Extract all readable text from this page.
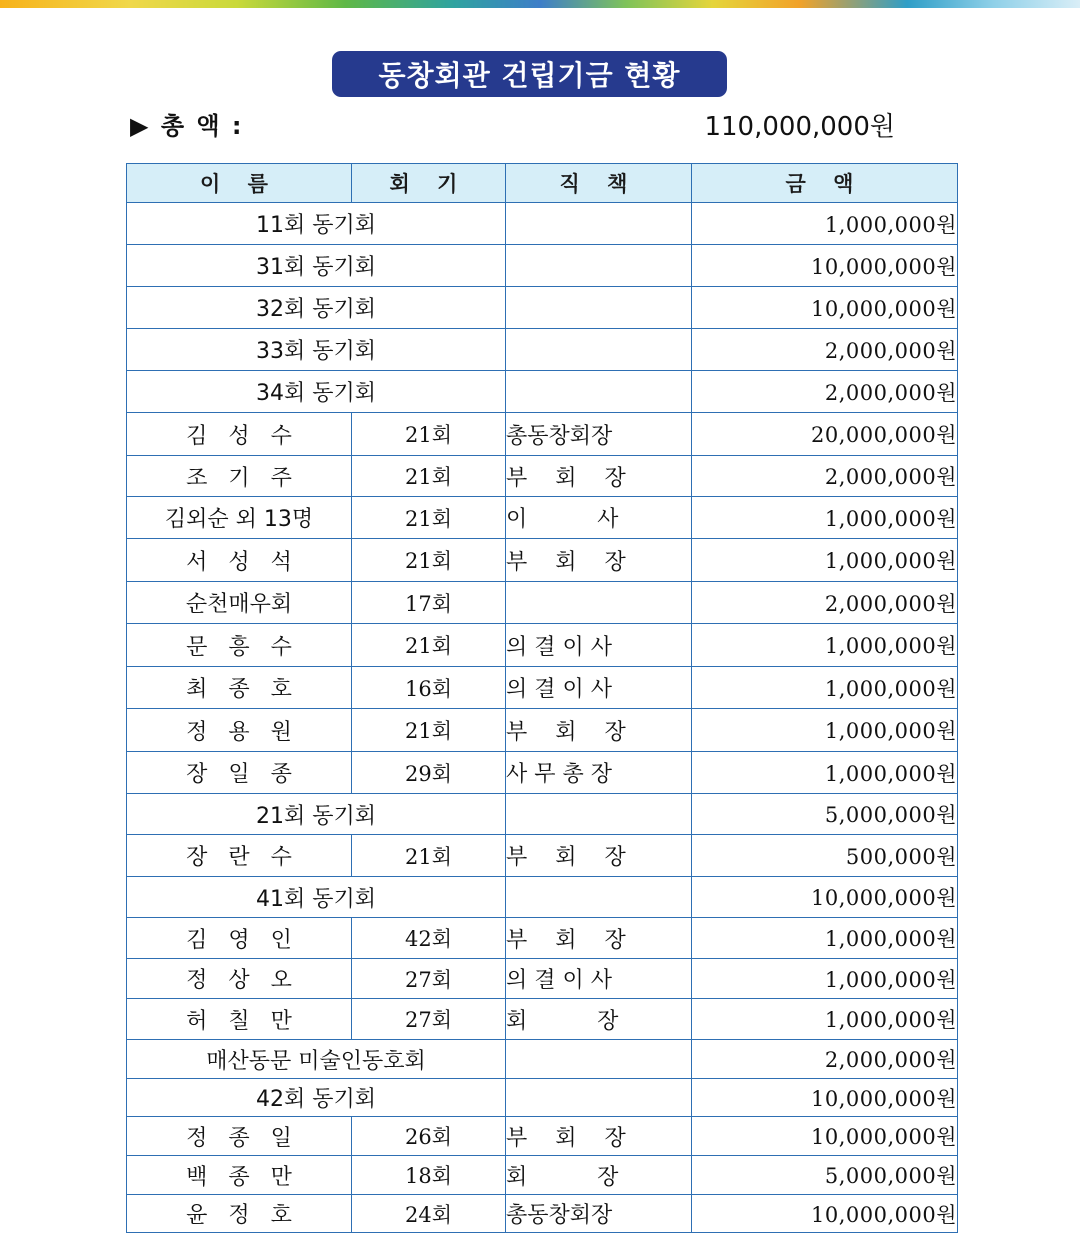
동창회관 건립기금 현황
▶ 총 액 :	110,000,000원
이 름	회 기	직 책	금 액
11회 동기회			1,000,000원
31회 동기회			10,000,000원
32회 동기회			10,000,000원
33회 동기회			2,000,000원
34회 동기회			2,000,000원
김   성   수	21회	총동창회장	20,000,000원
조   기   주	21회	부    회    장	2,000,000원
김외순 외 13명	21회	이          사	1,000,000원
서   성   석	21회	부    회    장	1,000,000원
순천매우회	17회		2,000,000원
문   흥   수	21회	의 결 이 사	1,000,000원
최   종   호	16회	의 결 이 사	1,000,000원
정   용   원	21회	부    회    장	1,000,000원
장   일   종	29회	사 무 총 장	1,000,000원
21회 동기회			5,000,000원
장   란   수	21회	부    회    장	500,000원
41회 동기회			10,000,000원
김   영   인	42회	부    회    장	1,000,000원
정   상   오	27회	의 결 이 사	1,000,000원
허   칠   만	27회	회          장	1,000,000원
매산동문 미술인동호회			2,000,000원
42회 동기회			10,000,000원
정   종   일	26회	부    회    장	10,000,000원
백   종   만	18회	회          장	5,000,000원
윤   정   호	24회	총동창회장	10,000,000원
